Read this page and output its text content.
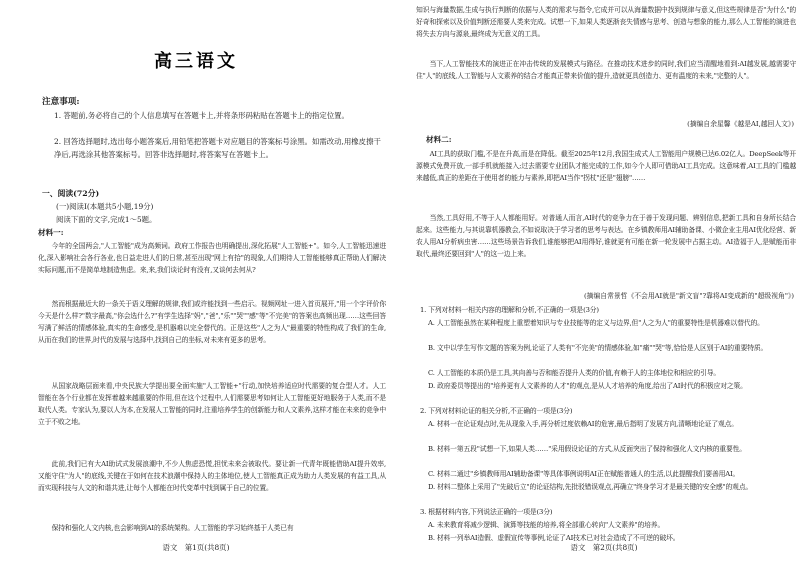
高三语文
注意事项:
1. 答题前,务必将自己的个人信息填写在答题卡上,并将条形码粘贴在答题卡上的指定位置。
2. 回答选择题时,选出每小题答案后,用铅笔把答题卡对应题目的答案标号涂黑。如需改动,用橡皮擦干净后,再选涂其他答案标号。回答非选择题时,将答案写在答题卡上。
一、阅读(72分)
(一)阅读Ⅰ(本题共5小题,19分)
阅读下面的文字,完成1～5题。
材料一:
今年的全国两会,"人工智能"成为高频词。政府工作报告也明确提出,深化拓展"人工智能+"。如今,人工智能迅速进化,深入影响社会各行各业,也日益走进人们的日常,甚至出现"网上有拾"的现象,人们期待人工智能能够真正帮助人们解决实际问题,而不是简单地制造焦虑。来,来,我们谈论时有没有,又谈何去何从?
然而根据最近大的一条关于语义理解的规律,我们或许能找到一些启示。视频网址一进入首页展开,"用一个字评价你今天是什么样?"数字最高,"你会选什么?"有学生选择"妈","爸","乐""哭""感"等"不完美"的答案也高频出现……这些回答写满了鲜活的情感体验,真实的生命感受,是机器难以完全替代的。正是这些"人之为人"最重要的特性构成了我们的生命,从而在我们的世界,时代的发展与选择中,找到自己的坐标,对未来有更多的思考。
从国家战略层面来看,中央民族大学提出要全面实施"人工智能+"行动,加快培养适应时代需要的复合型人才。人工智能在各个行业都在发挥着越来越重要的作用,但在这个过程中,人们需要思考如何让人工智能更好地服务于人类,而不是取代人类。专家认为,要以人为本,在发展人工智能的同时,注重培养学生的创新能力和人文素养,这样才能在未来的竞争中立于不败之地。
此前,我们已有大AI助试式发展浪潮中,不少人焦虑恐慌,担忧未来会被取代。要让新一代青年既能借助AI提升效率,又能守住"为人"的底线,关键在于如何在技术浪潮中保持人的主体地位,使人工智能真正成为助力人类发展的有益工具,从而实现科技与人文的和谐共进,让每个人都能在时代变革中找到属于自己的位置。
保持和强化人文内核,也会影响到AI的系统架构。人工智能的学习始终基于人类已有
语文　第1页(共8页)
知识与海量数据,生成与执行判断的依据与人类的需求与指令,它成并可以从海量数据中找到规律与意义,但这些规律是否"为什么"的好奇和探索以及价值判断还需要人类来完成。试想一下,如果人类逐渐丧失情感与思考、创造与想象的能力,那么人工智能的演进也将失去方向与源泉,最终成为无意义的工具。
当下,人工智能技术的演进正在冲击传统的发展模式与路径。在推动技术进步的同时,我们应当清醒地看到:AI越发展,越需要守住"人"的底线,人工智能与人文素养的结合才能真正带来价值的提升,造就更具创造力、更有温度的未来,"完整的人"。
(摘编自余星馨《越是AI,越回人文》)
材料二:
AI工具的获取门槛,不是在升高,而是在降低。截至2025年12月,我国生成式人工智能用户规模已达6.02亿人。DeepSeek等开源模式免费开放,一部手机就能接入;过去需要专业团队才能完成的工作,如今个人即可借助AI工具完成。这意味着,AI工具的门槛越来越低,真正的差距在于使用者的能力与素养,即把AI当作"拐杖"还是"翅膀"……
当然,工具好用,不等于人人都能用好。对普通人而言,AI时代的竞争力在于善于发现问题、辨别信息,把新工具和自身所长结合起来。这些能力,与其说靠机器教会,不如说取决于学习者的思考与表达。在乡镇教师用AI辅助备课、小微企业主用AI优化经营、新农人用AI分析病虫害……这些场景告诉我们,谁能够把AI用得好,谁就更有可能在新一轮发展中占据主动。AI造福于人,是赋能而非取代,最终还要回到"人"的这一边上来。
(摘编自常景哲《不会用AI就是"新文盲"?靠将AI变成新的"超级视角"》)
1. 下列对材料一相关内容的理解和分析,不正确的一项是(3分)
A. 人工智能虽然在某种程度上重塑着知识与专业技能等的定义与边界,但"人之为人"的重要特性是机器难以替代的。
B. 文中以学生写作文题的答案为例,论证了人类有"不完美"的情感体验,如"痛""哭"等,恰恰是人区别于AI的重要特质。
C. 人工智能的本质仍是工具,其向善与否和能否提升人类的价值,有赖于人的主体地位和相应的引导。
D. 政府委员等提出的"培养更有人文素养的人才"的观点,是从人才培养的角度,给出了AI时代的积极应对之策。
2. 下列对材料论证的相关分析,不正确的一项是(3分)
A. 材料一在论证观点时,先从现象入手,再分析过度依赖AI的危害,最后指明了发展方向,清晰地论证了观点。
B. 材料一第五段"试想一下,如果人类……"采用假设论证的方式,从反面突出了保持和强化人文内核的重要性。
C. 材料二通过"乡镇教师用AI辅助备课"等具体事例说明AI正在赋能普通人的生活,以此提醒我们要善用AI。
D. 材料二整体上采用了"先破后立"的论证结构,先批驳错误观点,再确立"终身学习才是最关键的安全感"的观点。
3. 根据材料内容,下列说法正确的一项是(3分)
A. 未来教育将减少逻辑、演算等技能的培养,将全部重心转向"人文素养"的培养。
B. 材料一列举AI造假、虚假宣传等事例,论证了AI技术已对社会造成了不可逆的破坏。
语文　第2页(共8页)
